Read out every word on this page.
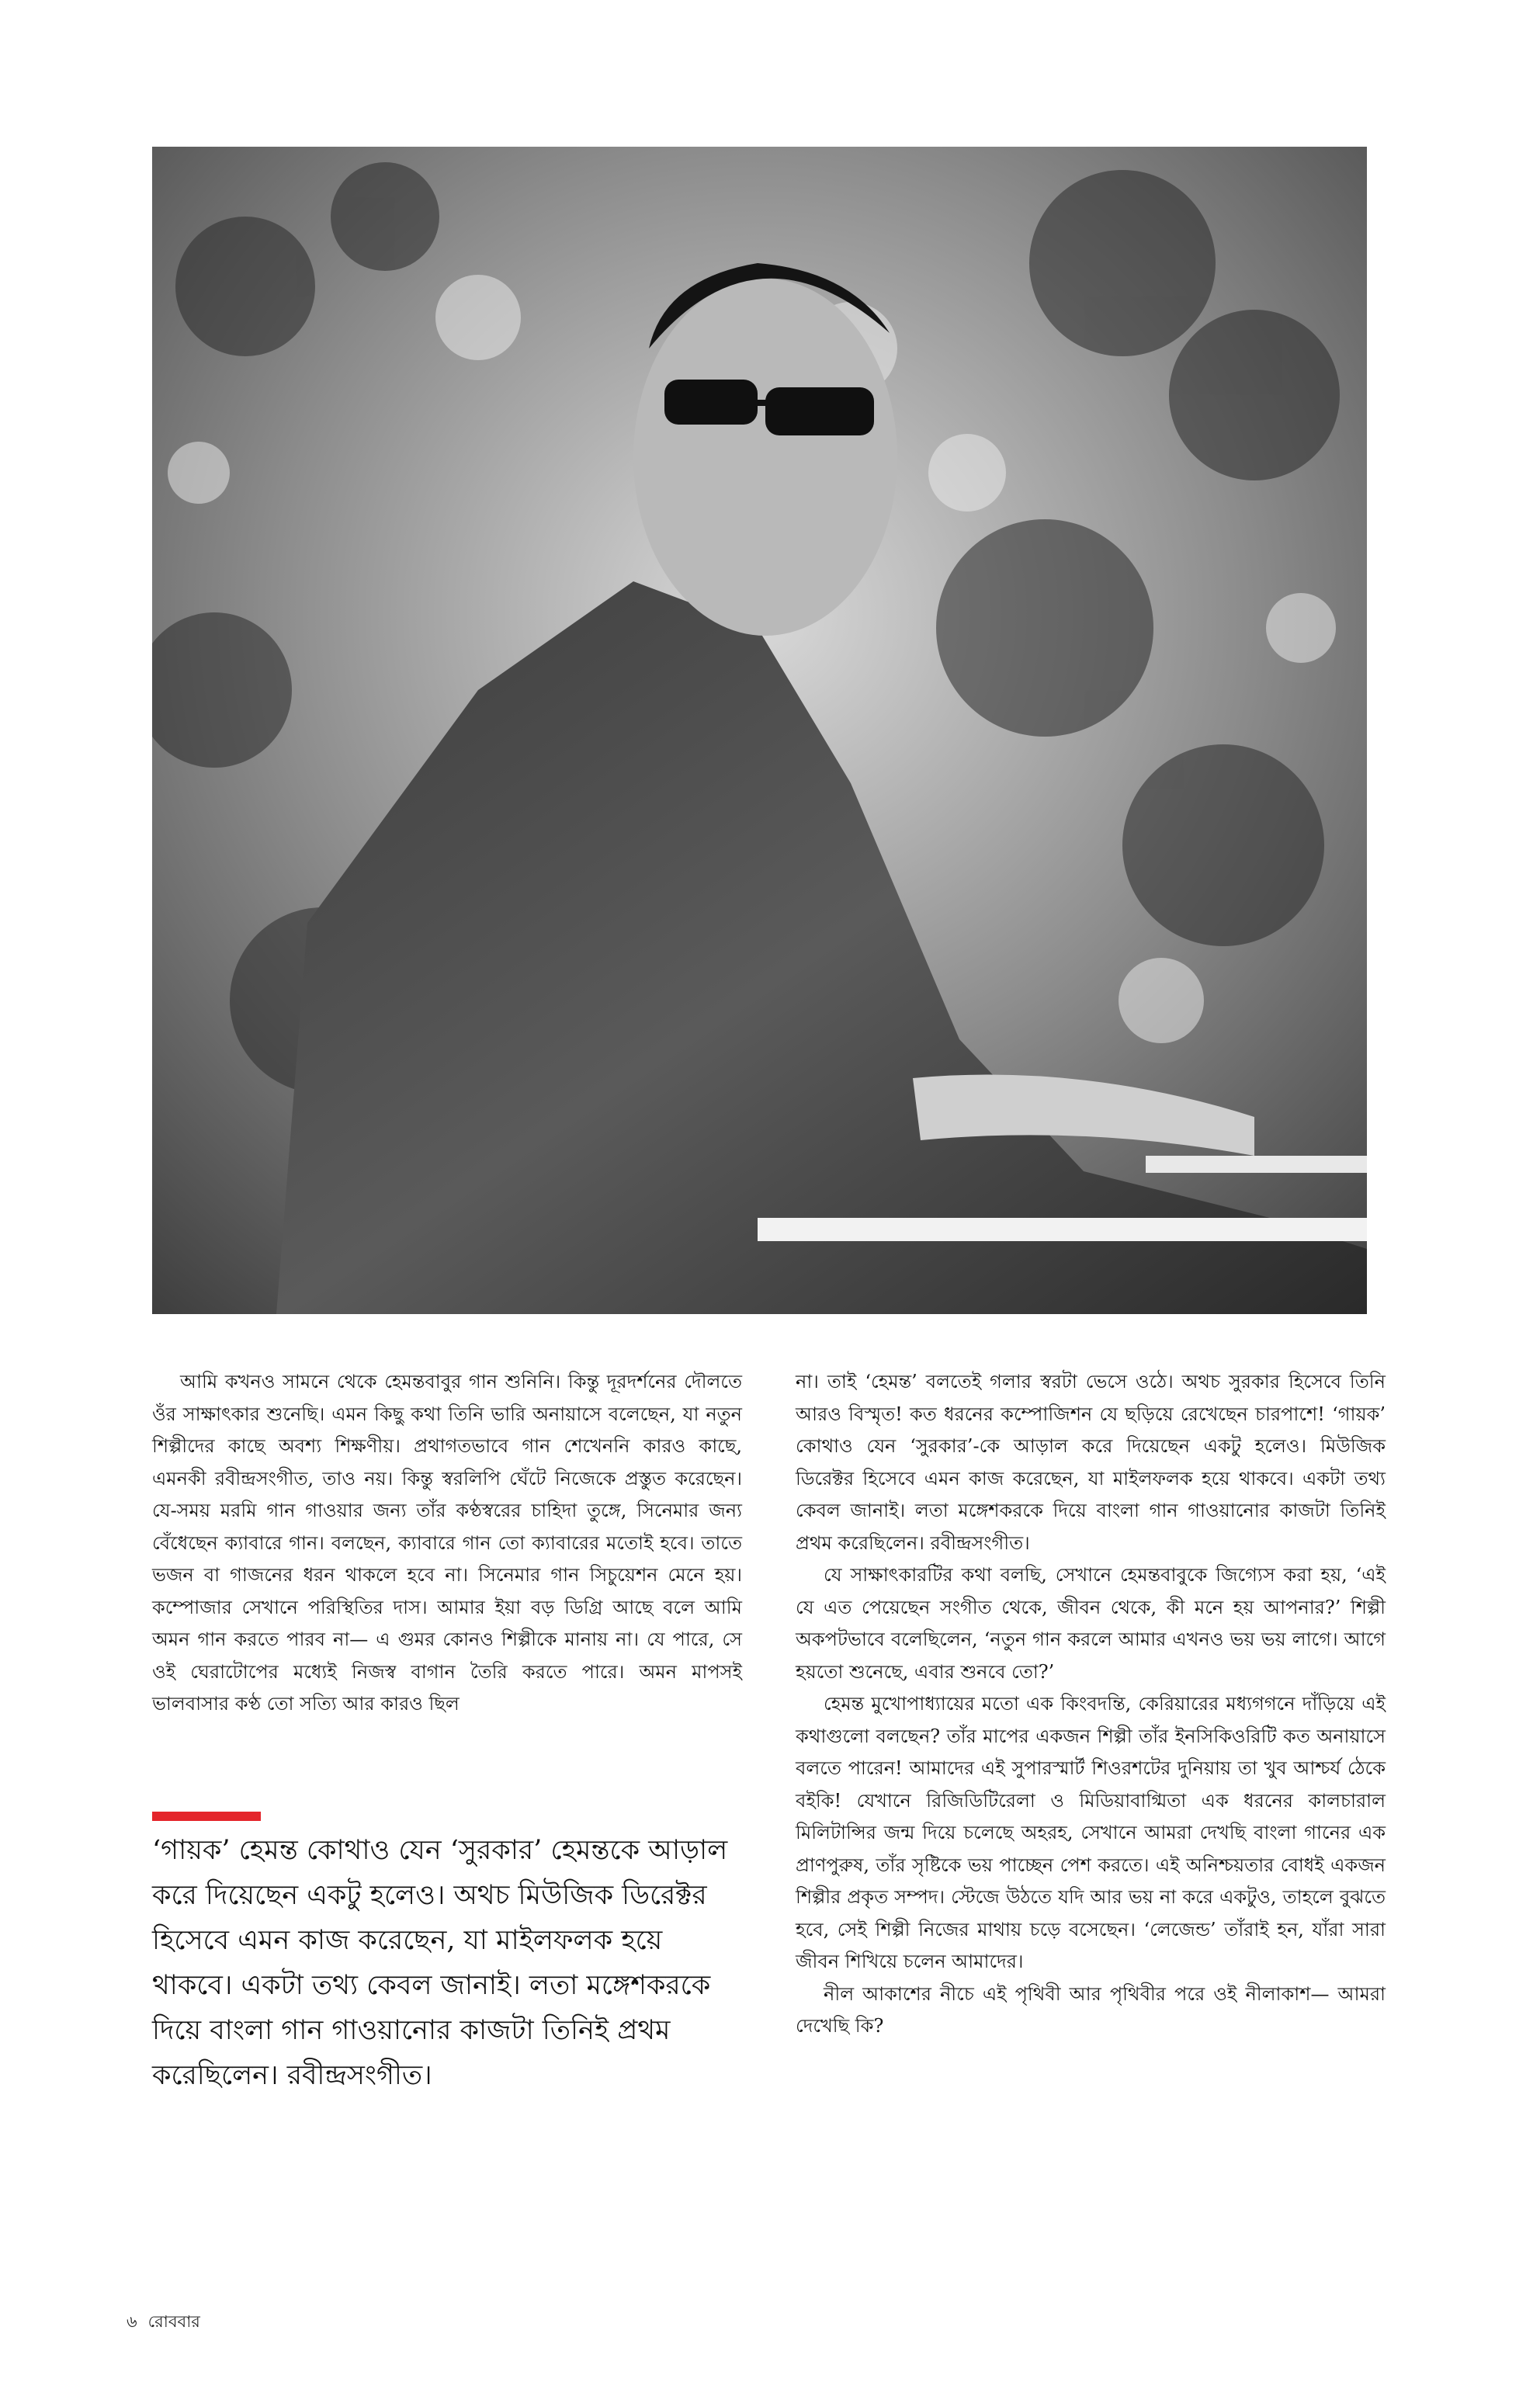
আমি কখনও সামনে থেকে হেমন্তবাবুর গান শুনিনি। কিন্তু দূরদর্শনের দৌলতে ওঁর সাক্ষাৎকার শুনেছি। এমন কিছু কথা তিনি ভারি অনায়াসে বলেছেন, যা নতুন শিল্পীদের কাছে অবশ্য শিক্ষণীয়। প্রথাগতভাবে গান শেখেননি কারও কাছে, এমনকী রবীন্দ্রসংগীত, তাও নয়। কিন্তু স্বরলিপি ঘেঁটে নিজেকে প্রস্তুত করেছেন। যে-সময় মরমি গান গাওয়ার জন্য তাঁর কণ্ঠস্বরের চাহিদা তুঙ্গে, সিনেমার জন্য বেঁধেছেন ক্যাবারে গান। বলছেন, ক্যাবারে গান তো ক্যাবারের মতোই হবে। তাতে ভজন বা গাজনের ধরন থাকলে হবে না। সিনেমার গান সিচুয়েশন মেনে হয়। কম্পোজার সেখানে পরিস্থিতির দাস। আমার ইয়া বড় ডিগ্রি আছে বলে আমি অমন গান করতে পারব না— এ গুমর কোনও শিল্পীকে মানায় না। যে পারে, সে ওই ঘেরাটোপের মধ্যেই নিজস্ব বাগান তৈরি করতে পারে। অমন মাপসই ভালবাসার কণ্ঠ তো সত্যি আর কারও ছিল

‘গায়ক’ হেমন্ত কোথাও যেন ‘সুরকার’ হেমন্তকে আড়াল করে দিয়েছেন একটু হলেও। অথচ মিউজিক ডিরেক্টর হিসেবে এমন কাজ করেছেন, যা মাইলফলক হয়ে থাকবে। একটা তথ্য কেবল জানাই। লতা মঙ্গেশকরকে দিয়ে বাংলা গান গাওয়ানোর কাজটা তিনিই প্রথম করেছিলেন। রবীন্দ্রসংগীত।

না। তাই ‘হেমন্ত’ বলতেই গলার স্বরটা ভেসে ওঠে। অথচ সুরকার হিসেবে তিনি আরও বিস্মৃত! কত ধরনের কম্পোজিশন যে ছড়িয়ে রেখেছেন চারপাশে! ‘গায়ক’ কোথাও যেন ‘সুরকার’-কে আড়াল করে দিয়েছেন একটু হলেও। মিউজিক ডিরেক্টর হিসেবে এমন কাজ করেছেন, যা মাইলফলক হয়ে থাকবে। একটা তথ্য কেবল জানাই। লতা মঙ্গেশকরকে দিয়ে বাংলা গান গাওয়ানোর কাজটা তিনিই প্রথম করেছিলেন। রবীন্দ্রসংগীত।

যে সাক্ষাৎকারটির কথা বলছি, সেখানে হেমন্তবাবুকে জিগ্যেস করা হয়, ‘এই যে এত পেয়েছেন সংগীত থেকে, জীবন থেকে, কী মনে হয় আপনার?’ শিল্পী অকপটভাবে বলেছিলেন, ‘নতুন গান করলে আমার এখনও ভয় ভয় লাগে। আগে হয়তো শুনেছে, এবার শুনবে তো?’

হেমন্ত মুখোপাধ্যায়ের মতো এক কিংবদন্তি, কেরিয়ারের মধ্যগগনে দাঁড়িয়ে এই কথাগুলো বলছেন? তাঁর মাপের একজন শিল্পী তাঁর ইনসিকিওরিটি কত অনায়াসে বলতে পারেন! আমাদের এই সুপারস্মার্ট শিওরশটের দুনিয়ায় তা খুব আশ্চর্য ঠেকে বইকি! যেখানে রিজিডিটিরেলা ও মিডিয়াবাগ্মিতা এক ধরনের কালচারাল মিলিটান্সির জন্ম দিয়ে চলেছে অহরহ, সেখানে আমরা দেখছি বাংলা গানের এক প্রাণপুরুষ, তাঁর সৃষ্টিকে ভয় পাচ্ছেন পেশ করতে। এই অনিশ্চয়তার বোধই একজন শিল্পীর প্রকৃত সম্পদ। স্টেজে উঠতে যদি আর ভয় না করে একটুও, তাহলে বুঝতে হবে, সেই শিল্পী নিজের মাথায় চড়ে বসেছেন। ‘লেজেন্ড’ তাঁরাই হন, যাঁরা সারা জীবন শিখিয়ে চলেন আমাদের।

নীল আকাশের নীচে এই পৃথিবী আর পৃথিবীর পরে ওই নীলাকাশ— আমরা দেখেছি কি?

৬ রোববার
